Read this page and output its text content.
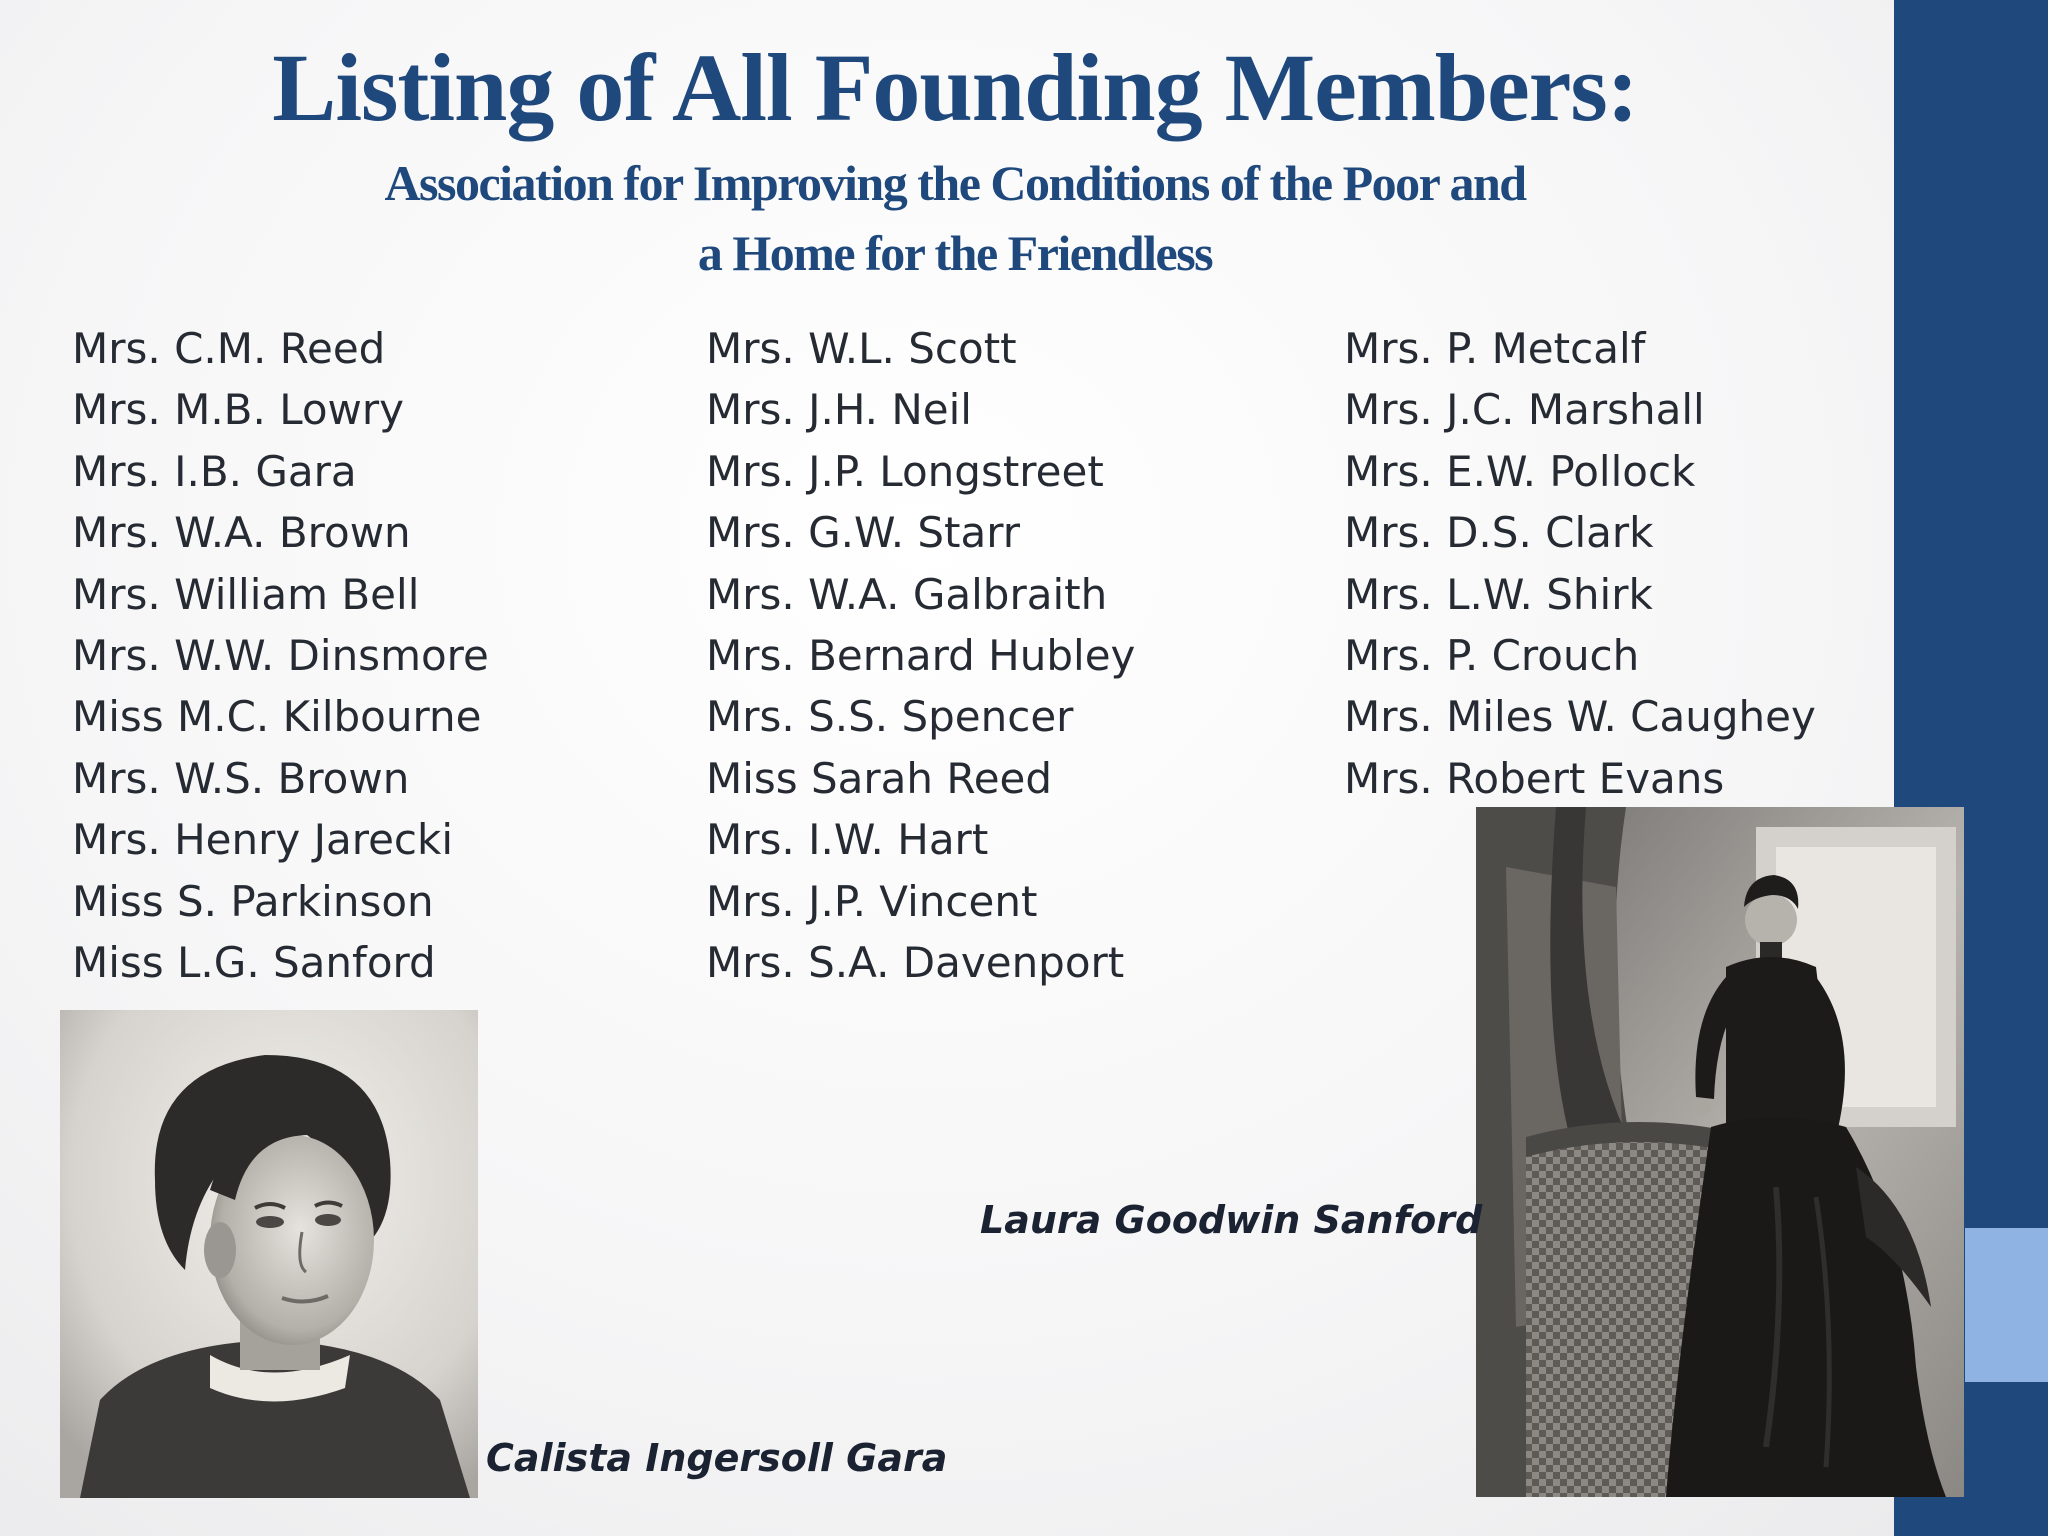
Listing of All Founding Members:
Association for Improving the Conditions of the Poor and
a Home for the Friendless
Mrs. C.M. Reed
Mrs. M.B. Lowry
Mrs. I.B. Gara
Mrs. W.A. Brown
Mrs. William Bell
Mrs. W.W. Dinsmore
Miss M.C. Kilbourne
Mrs. W.S. Brown
Mrs. Henry Jarecki
Miss S. Parkinson
Miss L.G. Sanford
Mrs. W.L. Scott
Mrs. J.H. Neil
Mrs. J.P. Longstreet
Mrs. G.W. Starr
Mrs. W.A. Galbraith
Mrs. Bernard Hubley
Mrs. S.S. Spencer
Miss Sarah Reed
Mrs. I.W. Hart
Mrs. J.P. Vincent
Mrs. S.A. Davenport
Mrs. P. Metcalf
Mrs. J.C. Marshall
Mrs. E.W. Pollock
Mrs. D.S. Clark
Mrs. L.W. Shirk
Mrs. P. Crouch
Mrs. Miles W. Caughey
Mrs. Robert Evans
Laura Goodwin Sanford
Calista Ingersoll Gara
